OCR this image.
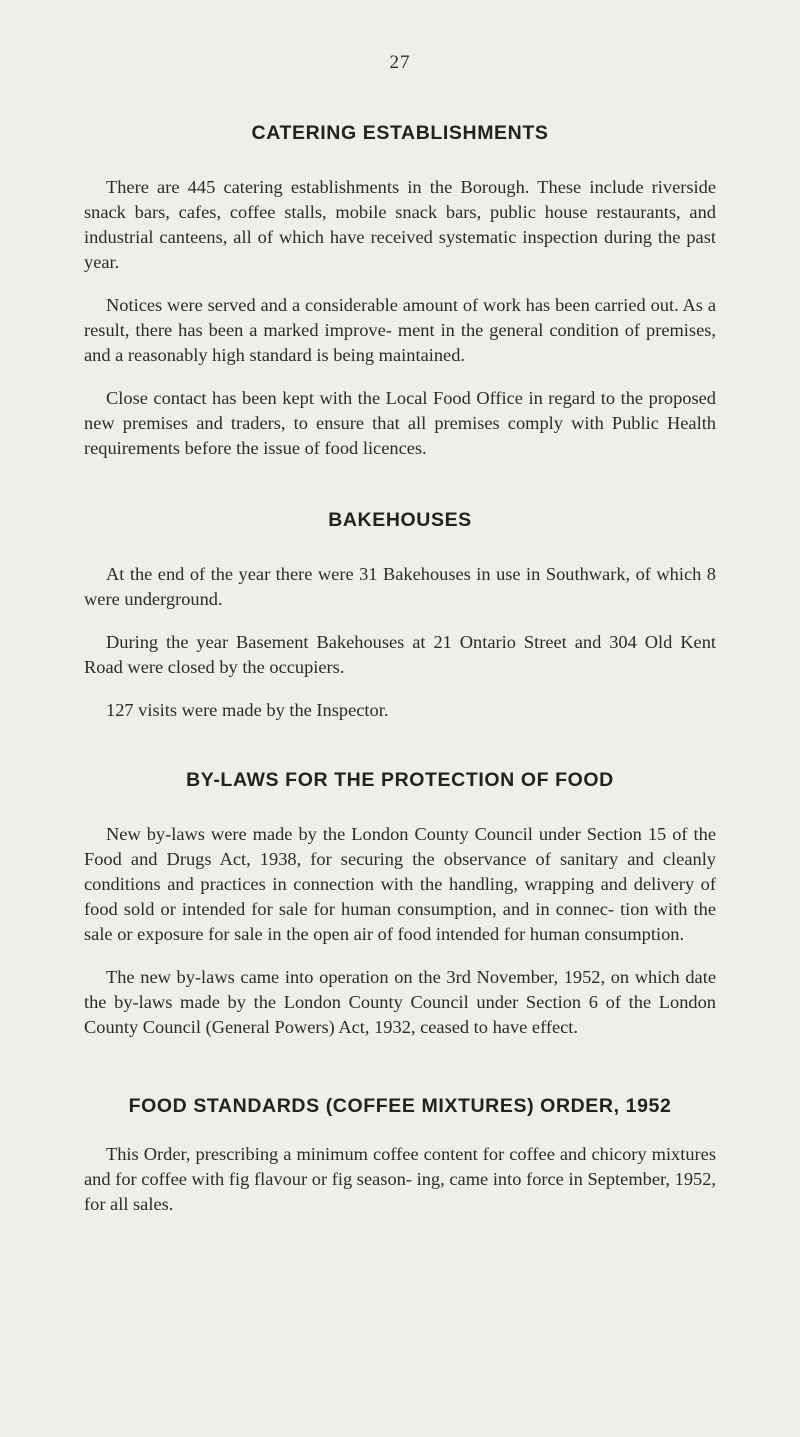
27
CATERING ESTABLISHMENTS

There are 445 catering establishments in the Borough. These include riverside snack bars, cafes, coffee stalls, mobile snack bars, public house restaurants, and industrial canteens, all of which have received systematic inspection during the past year.

Notices were served and a considerable amount of work has been carried out. As a result, there has been a marked improve- ment in the general condition of premises, and a reasonably high standard is being maintained.

Close contact has been kept with the Local Food Office in regard to the proposed new premises and traders, to ensure that all premises comply with Public Health requirements before the issue of food licences.

BAKEHOUSES

At the end of the year there were 31 Bakehouses in use in Southwark, of which 8 were underground.

During the year Basement Bakehouses at 21 Ontario Street and 304 Old Kent Road were closed by the occupiers.

127 visits were made by the Inspector.

BY-LAWS FOR THE PROTECTION OF FOOD

New by-laws were made by the London County Council under Section 15 of the Food and Drugs Act, 1938, for securing the observance of sanitary and cleanly conditions and practices in connection with the handling, wrapping and delivery of food sold or intended for sale for human consumption, and in connec- tion with the sale or exposure for sale in the open air of food intended for human consumption.

The new by-laws came into operation on the 3rd November, 1952, on which date the by-laws made by the London County Council under Section 6 of the London County Council (General Powers) Act, 1932, ceased to have effect.

FOOD STANDARDS (COFFEE MIXTURES) ORDER, 1952

This Order, prescribing a minimum coffee content for coffee and chicory mixtures and for coffee with fig flavour or fig season- ing, came into force in September, 1952, for all sales.
